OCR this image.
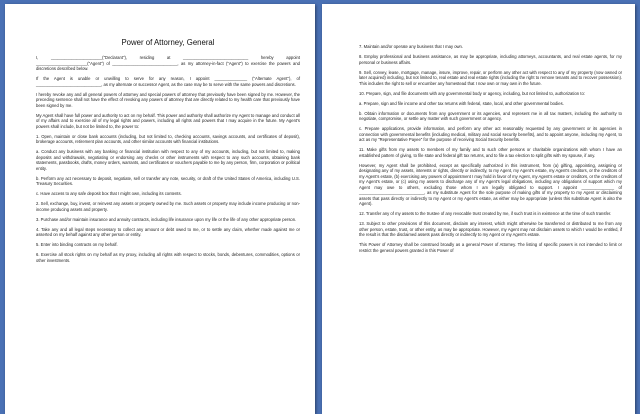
Power of Attorney, General

I, ______________________("Declarant"), residing at ____________________________ hereby appoint ______________________("Agent") of ____________________________, as my attorney-in-fact ("Agent") to exercise the powers and discretions described below.

If the Agent is unable or unwilling to serve for any reason, I appoint ______________ ("Alternate Agent"), of ____________________________, as my alternate or successor Agent, as the case may be to serve with the same powers and discretions.

I hereby revoke any and all general powers of attorney and special powers of attorney that previously have been signed by me. However, the preceding sentence shall not have the effect of revoking any powers of attorney that are directly related to my health care that previously have been signed by me.

My Agent shall have full power and authority to act on my behalf. This power and authority shall authorize my Agent to manage and conduct all of my affairs and to exercise all of my legal rights and powers, including all rights and powers that I may acquire in the future. My Agent's powers shall include, but not be limited to, the power to:

1. Open, maintain or close bank accounts (including, but not limited to, checking accounts, savings accounts, and certificates of deposit), brokerage accounts, retirement plan accounts, and other similar accounts with financial institutions.

a. Conduct any business with any banking or financial institution with respect to any of my accounts, including, but not limited to, making deposits and withdrawals, negotiating or endorsing any checks or other instruments with respect to any such accounts, obtaining bank statements, passbooks, drafts, money orders, warrants, and certificates or vouchers payable to me by any person, firm, corporation or political entity.

b. Perform any act necessary to deposit, negotiate, sell or transfer any note, security, or draft of the United States of America, including U.S. Treasury Securities.

c. Have access to any safe deposit box that I might own, including its contents.

2. Sell, exchange, buy, invest, or reinvest any assets or property owned by me. Such assets or property may include income producing or non-income producing assets and property.

3. Purchase and/or maintain insurance and annuity contracts, including life insurance upon my life or the life of any other appropriate person.

4. Take any and all legal steps necessary to collect any amount or debt owed to me, or to settle any claim, whether made against me or asserted on my behalf against any other person or entity.

5. Enter into binding contracts on my behalf.

6. Exercise all stock rights on my behalf as my proxy, including all rights with respect to stocks, bonds, debentures, commodities, options or other investments.

7. Maintain and/or operate any business that I may own.

8. Employ professional and business assistance, as may be appropriate, including attorneys, accountants, and real estate agents, for my personal or business affairs.

9. Sell, convey, lease, mortgage, manage, insure, improve, repair, or perform any other act with respect to any of my property (now owned or later acquired) including, but not limited to, real estate and real estate rights (including the right to remove tenants and to recover possession). This includes the right to sell or encumber any homestead that I now own or may own in the future.

10. Prepare, sign, and file documents with any governmental body or agency, including, but not limited to, authorization to:

a. Prepare, sign and file income and other tax returns with federal, state, local, and other governmental bodies.

b. Obtain information or documents from any government or its agencies, and represent me in all tax matters, including the authority to negotiate, compromise, or settle any matter with such government or agency.

c. Prepare applications, provide information, and perform any other act reasonably requested by any government or its agencies in connection with governmental benefits (including medical, military and social security benefits), and to appoint anyone, including my Agent, to act as my "Representative Payee" for the purpose of receiving Social Security benefits.

11. Make gifts from my assets to members of my family and to such other persons or charitable organizations with whom I have an established pattern of giving, to file state and federal gift tax returns, and to file a tax election to split gifts with my spouse, if any.

However, my Agent shall be prohibited, except as specifically authorized in this instrument, from (a) gifting, appointing, assigning or designating any of my assets, interests or rights, directly or indirectly, to my Agent, my Agent's estate, my Agent's creditors, or the creditors of my Agent's estate, (b) exercising any powers of appointment I may hold in favor of my Agent, my Agent's estate or creditors, or the creditors of my Agent's estate, or (c) using my assets to discharge any of my Agent's legal obligations, including any obligations of support which my Agent may owe to others, excluding those whom I am legally obligated to support. I appoint ______________ of ____________________________, as my substitute Agent for the sole purpose of making gifts of my property to my Agent or disclaiming assets that pass directly or indirectly to my Agent or my Agent's estate, as either may be appropriate (unless this substitute Agent is also the Agent).

12. Transfer any of my assets to the trustee of any revocable trust created by me, if such trust is in existence at the time of such transfer.

13. Subject to other provisions of this document, disclaim any interest, which might otherwise be transferred or distributed to me from any other person, estate, trust, or other entity, as may be appropriate. However, my Agent may not disclaim assets to which I would be entitled, if the result is that the disclaimed assets pass directly or indirectly to my Agent or my Agent's estate.

This Power of Attorney shall be construed broadly as a general Power of Attorney. The listing of specific powers is not intended to limit or restrict the general powers granted in this Power of
